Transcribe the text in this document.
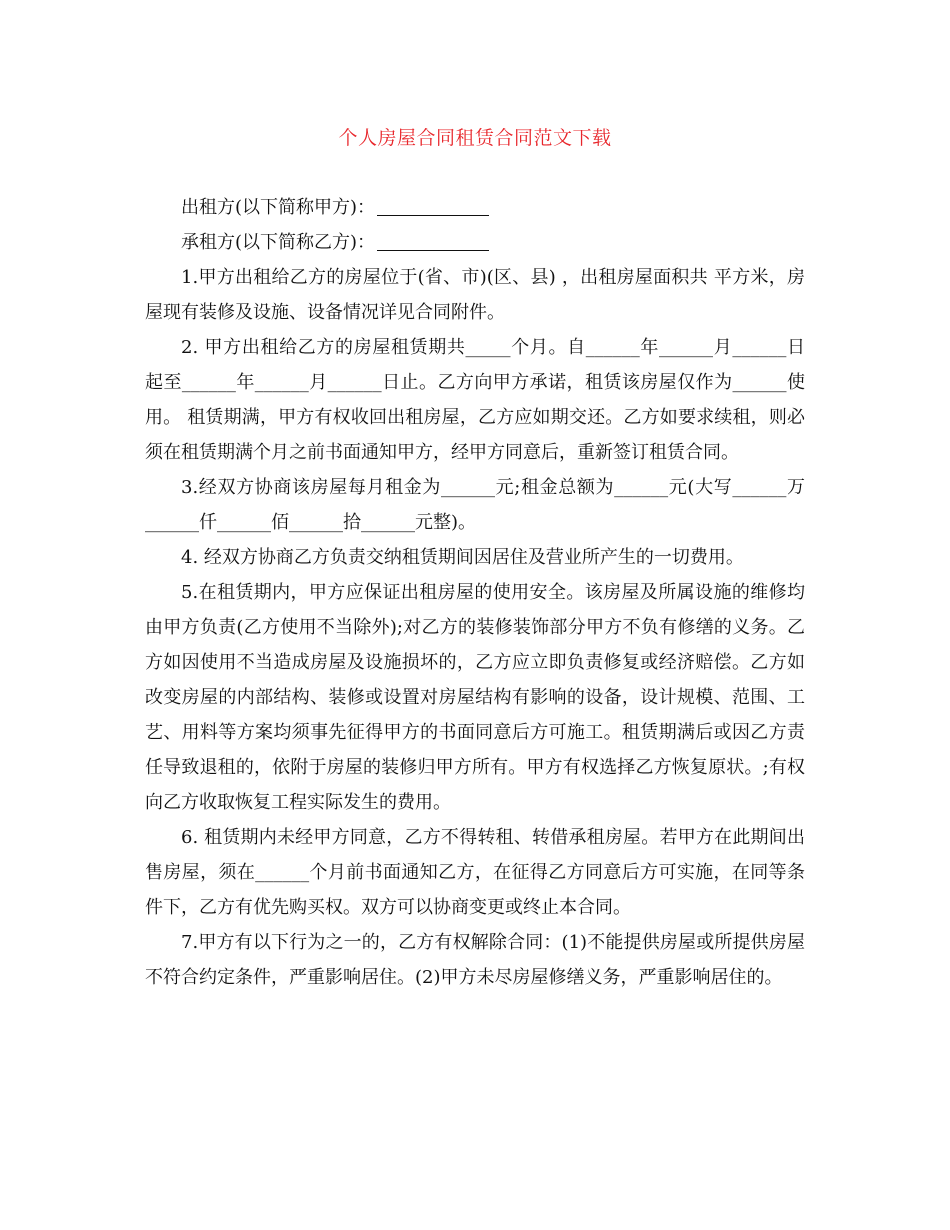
个人房屋合同租赁合同范文下载

出租方(以下简称甲方)：

承租方(以下简称乙方)：

1.甲方出租给乙方的房屋位于(省、市)(区、县) ，出租房屋面积共 平方米，房屋现有装修及设施、设备情况详见合同附件。

2. 甲方出租给乙方的房屋租赁期共_____个月。自______年______月______日起至______年______月______日止。乙方向甲方承诺，租赁该房屋仅作为______使用。 租赁期满，甲方有权收回出租房屋，乙方应如期交还。乙方如要求续租，则必须在租赁期满个月之前书面通知甲方，经甲方同意后，重新签订租赁合同。

3.经双方协商该房屋每月租金为______元;租金总额为______元(大写______万______仟______佰______拾______元整)。

4. 经双方协商乙方负责交纳租赁期间因居住及营业所产生的一切费用。

5.在租赁期内，甲方应保证出租房屋的使用安全。该房屋及所属设施的维修均由甲方负责(乙方使用不当除外);对乙方的装修装饰部分甲方不负有修缮的义务。乙方如因使用不当造成房屋及设施损坏的，乙方应立即负责修复或经济赔偿。乙方如改变房屋的内部结构、装修或设置对房屋结构有影响的设备，设计规模、范围、工艺、用料等方案均须事先征得甲方的书面同意后方可施工。租赁期满后或因乙方责任导致退租的，依附于房屋的装修归甲方所有。甲方有权选择乙方恢复原状。;有权向乙方收取恢复工程实际发生的费用。

6. 租赁期内未经甲方同意，乙方不得转租、转借承租房屋。若甲方在此期间出售房屋，须在______个月前书面通知乙方，在征得乙方同意后方可实施，在同等条件下，乙方有优先购买权。双方可以协商变更或终止本合同。

7.甲方有以下行为之一的，乙方有权解除合同：(1)不能提供房屋或所提供房屋不符合约定条件，严重影响居住。(2)甲方未尽房屋修缮义务，严重影响居住的。
